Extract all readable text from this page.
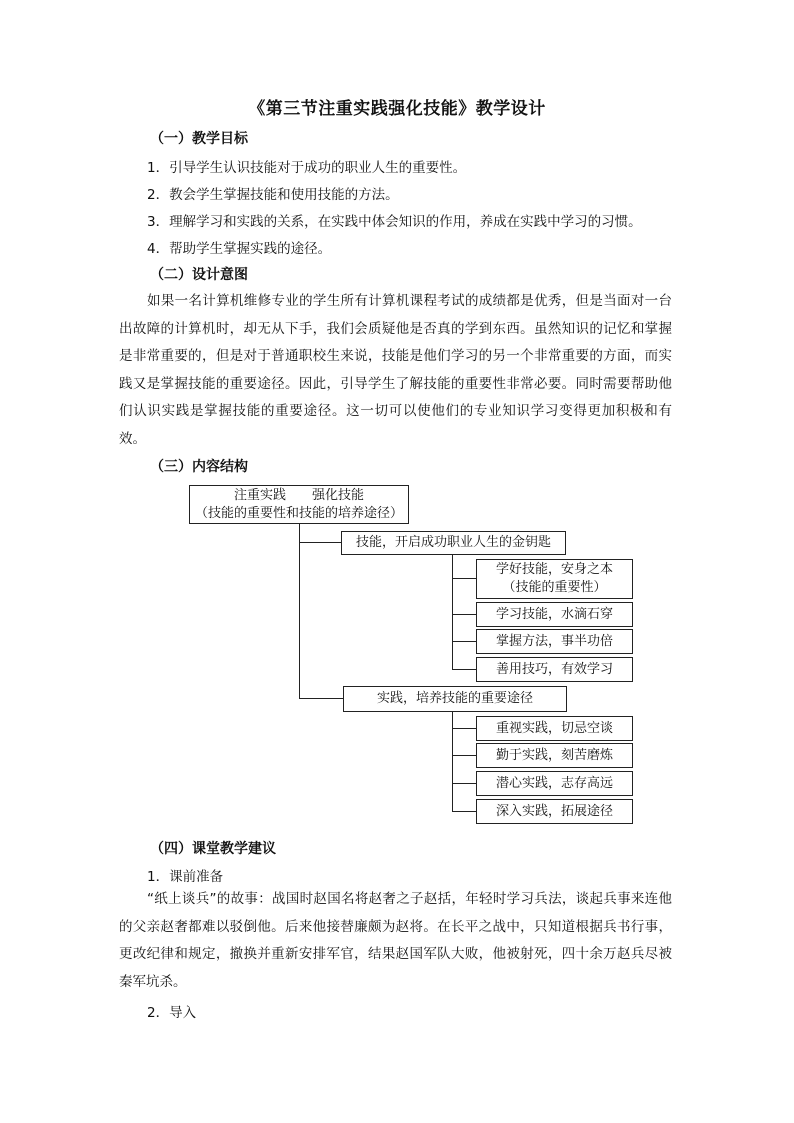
《第三节注重实践强化技能》教学设计
（一）教学目标
1．引导学生认识技能对于成功的职业人生的重要性。
2．教会学生掌握技能和使用技能的方法。
3．理解学习和实践的关系，在实践中体会知识的作用，养成在实践中学习的习惯。
4．帮助学生掌握实践的途径。
（二）设计意图
如果一名计算机维修专业的学生所有计算机课程考试的成绩都是优秀，但是当面对一台出故障的计算机时，却无从下手，我们会质疑他是否真的学到东西。虽然知识的记忆和掌握是非常重要的，但是对于普通职校生来说，技能是他们学习的另一个非常重要的方面，而实践又是掌握技能的重要途径。因此，引导学生了解技能的重要性非常必要。同时需要帮助他们认识实践是掌握技能的重要途径。这一切可以使他们的专业知识学习变得更加积极和有效。
（三）内容结构
注重实践　　强化技能
（技能的重要性和技能的培养途径）
技能，开启成功职业人生的金钥匙
学好技能，安身之本
（技能的重要性）
学习技能，水滴石穿
掌握方法，事半功倍
善用技巧，有效学习
实践，培养技能的重要途径
重视实践，切忌空谈
勤于实践，刻苦磨炼
潜心实践，志存高远
深入实践，拓展途径
（四）课堂教学建议
1．课前准备
“纸上谈兵”的故事：战国时赵国名将赵奢之子赵括，年轻时学习兵法，谈起兵事来连他的父亲赵奢都难以驳倒他。后来他接替廉颇为赵将。在长平之战中，只知道根据兵书行事，更改纪律和规定，撤换并重新安排军官，结果赵国军队大败，他被射死，四十余万赵兵尽被秦军坑杀。
2．导入
